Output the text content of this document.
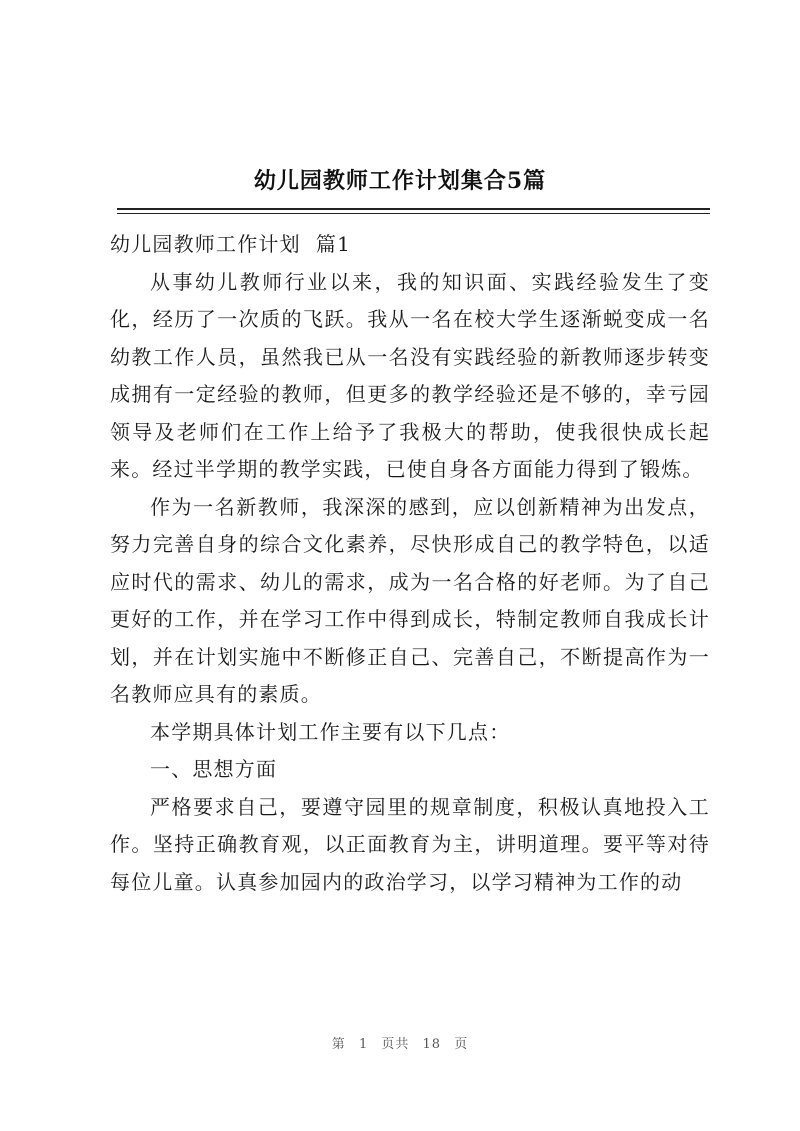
幼儿园教师工作计划集合5篇

幼儿园教师工作计划  篇1

从事幼儿教师行业以来，我的知识面、实践经验发生了变化，经历了一次质的飞跃。我从一名在校大学生逐渐蜕变成一名幼教工作人员，虽然我已从一名没有实践经验的新教师逐步转变成拥有一定经验的教师，但更多的教学经验还是不够的，幸亏园领导及老师们在工作上给予了我极大的帮助，使我很快成长起来。经过半学期的教学实践，已使自身各方面能力得到了锻炼。

作为一名新教师，我深深的感到，应以创新精神为出发点，努力完善自身的综合文化素养，尽快形成自己的教学特色，以适应时代的需求、幼儿的需求，成为一名合格的好老师。为了自己更好的工作，并在学习工作中得到成长，特制定教师自我成长计划，并在计划实施中不断修正自己、完善自己，不断提高作为一名教师应具有的素质。

本学期具体计划工作主要有以下几点：

一、思想方面

严格要求自己，要遵守园里的规章制度，积极认真地投入工作。坚持正确教育观，以正面教育为主，讲明道理。要平等对待每位儿童。认真参加园内的政治学习，以学习精神为工作的动

第 1 页共 18 页
